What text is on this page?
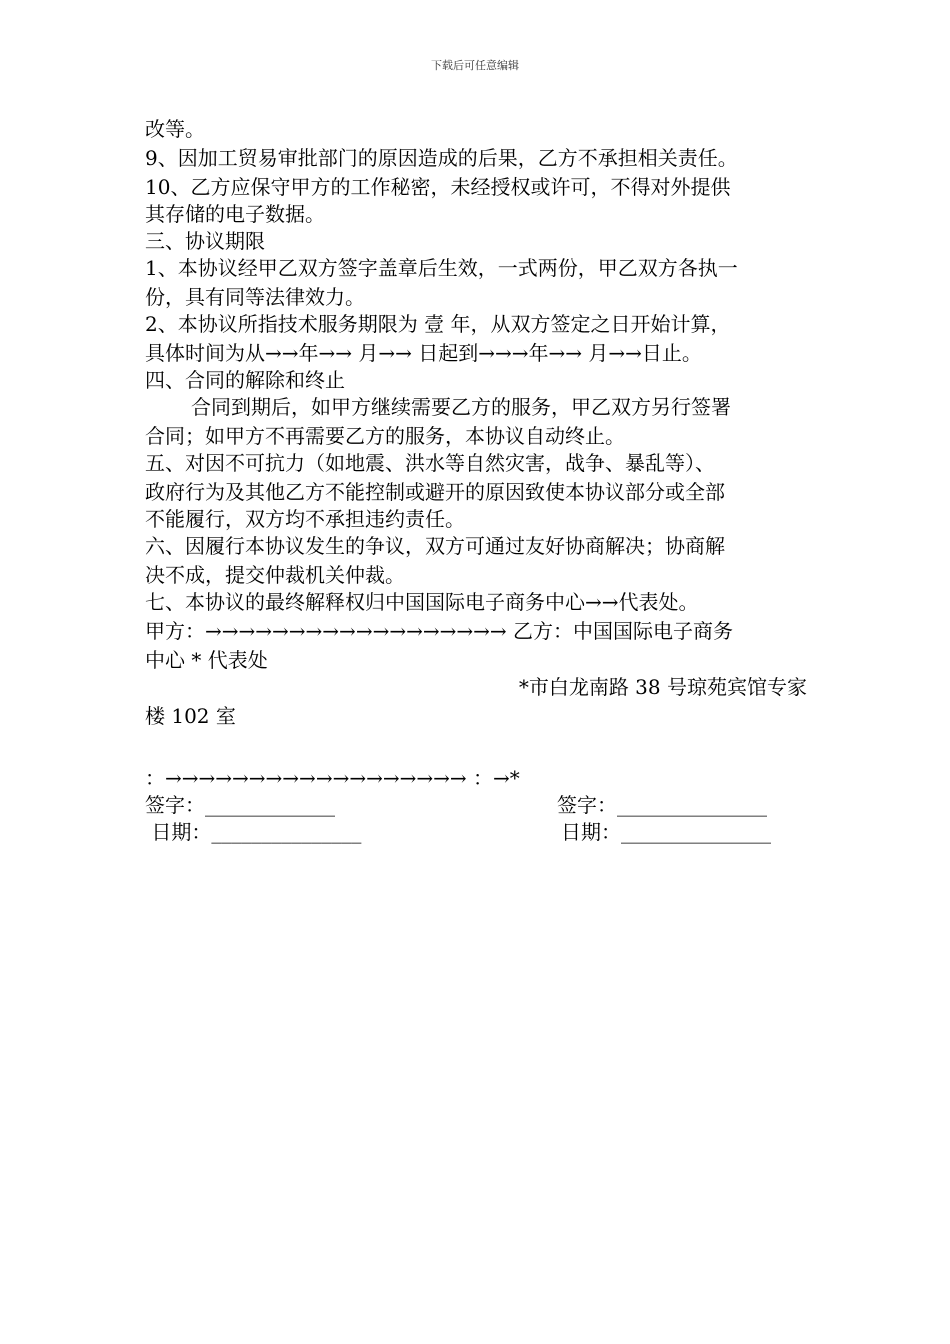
下载后可任意编辑
改等。
9、因加工贸易审批部门的原因造成的后果，乙方不承担相关责任。
10、乙方应保守甲方的工作秘密，未经授权或许可，不得对外提供
其存储的电子数据。
三、协议期限
1、本协议经甲乙双方签字盖章后生效，一式两份，甲乙双方各执一
份，具有同等法律效力。
2、本协议所指技术服务期限为 壹 年，从双方签定之日开始计算，
具体时间为从→→年→→ 月→→ 日起到→→→年→→ 月→→日止。
四、合同的解除和终止
合同到期后，如甲方继续需要乙方的服务，甲乙双方另行签署
合同；如甲方不再需要乙方的服务，本协议自动终止。
五、对因不可抗力（如地震、洪水等自然灾害，战争、暴乱等）、
政府行为及其他乙方不能控制或避开的原因致使本协议部分或全部
不能履行，双方均不承担违约责任。
六、因履行本协议发生的争议，双方可通过友好协商解决；协商解
决不成，提交仲裁机关仲裁。
七、本协议的最终解释权归中国国际电子商务中心→→代表处。
甲方：→→→→→→→→→→→→→→→→→→ 乙方：中国国际电子商务
中心 * 代表处
*市白龙南路 38 号琼苑宾馆专家
楼 102 室
：→→→→→→→→→→→→→→→→→→ ：→*
签字：_____________	签字：_______________
日期：_______________	日期：_______________
